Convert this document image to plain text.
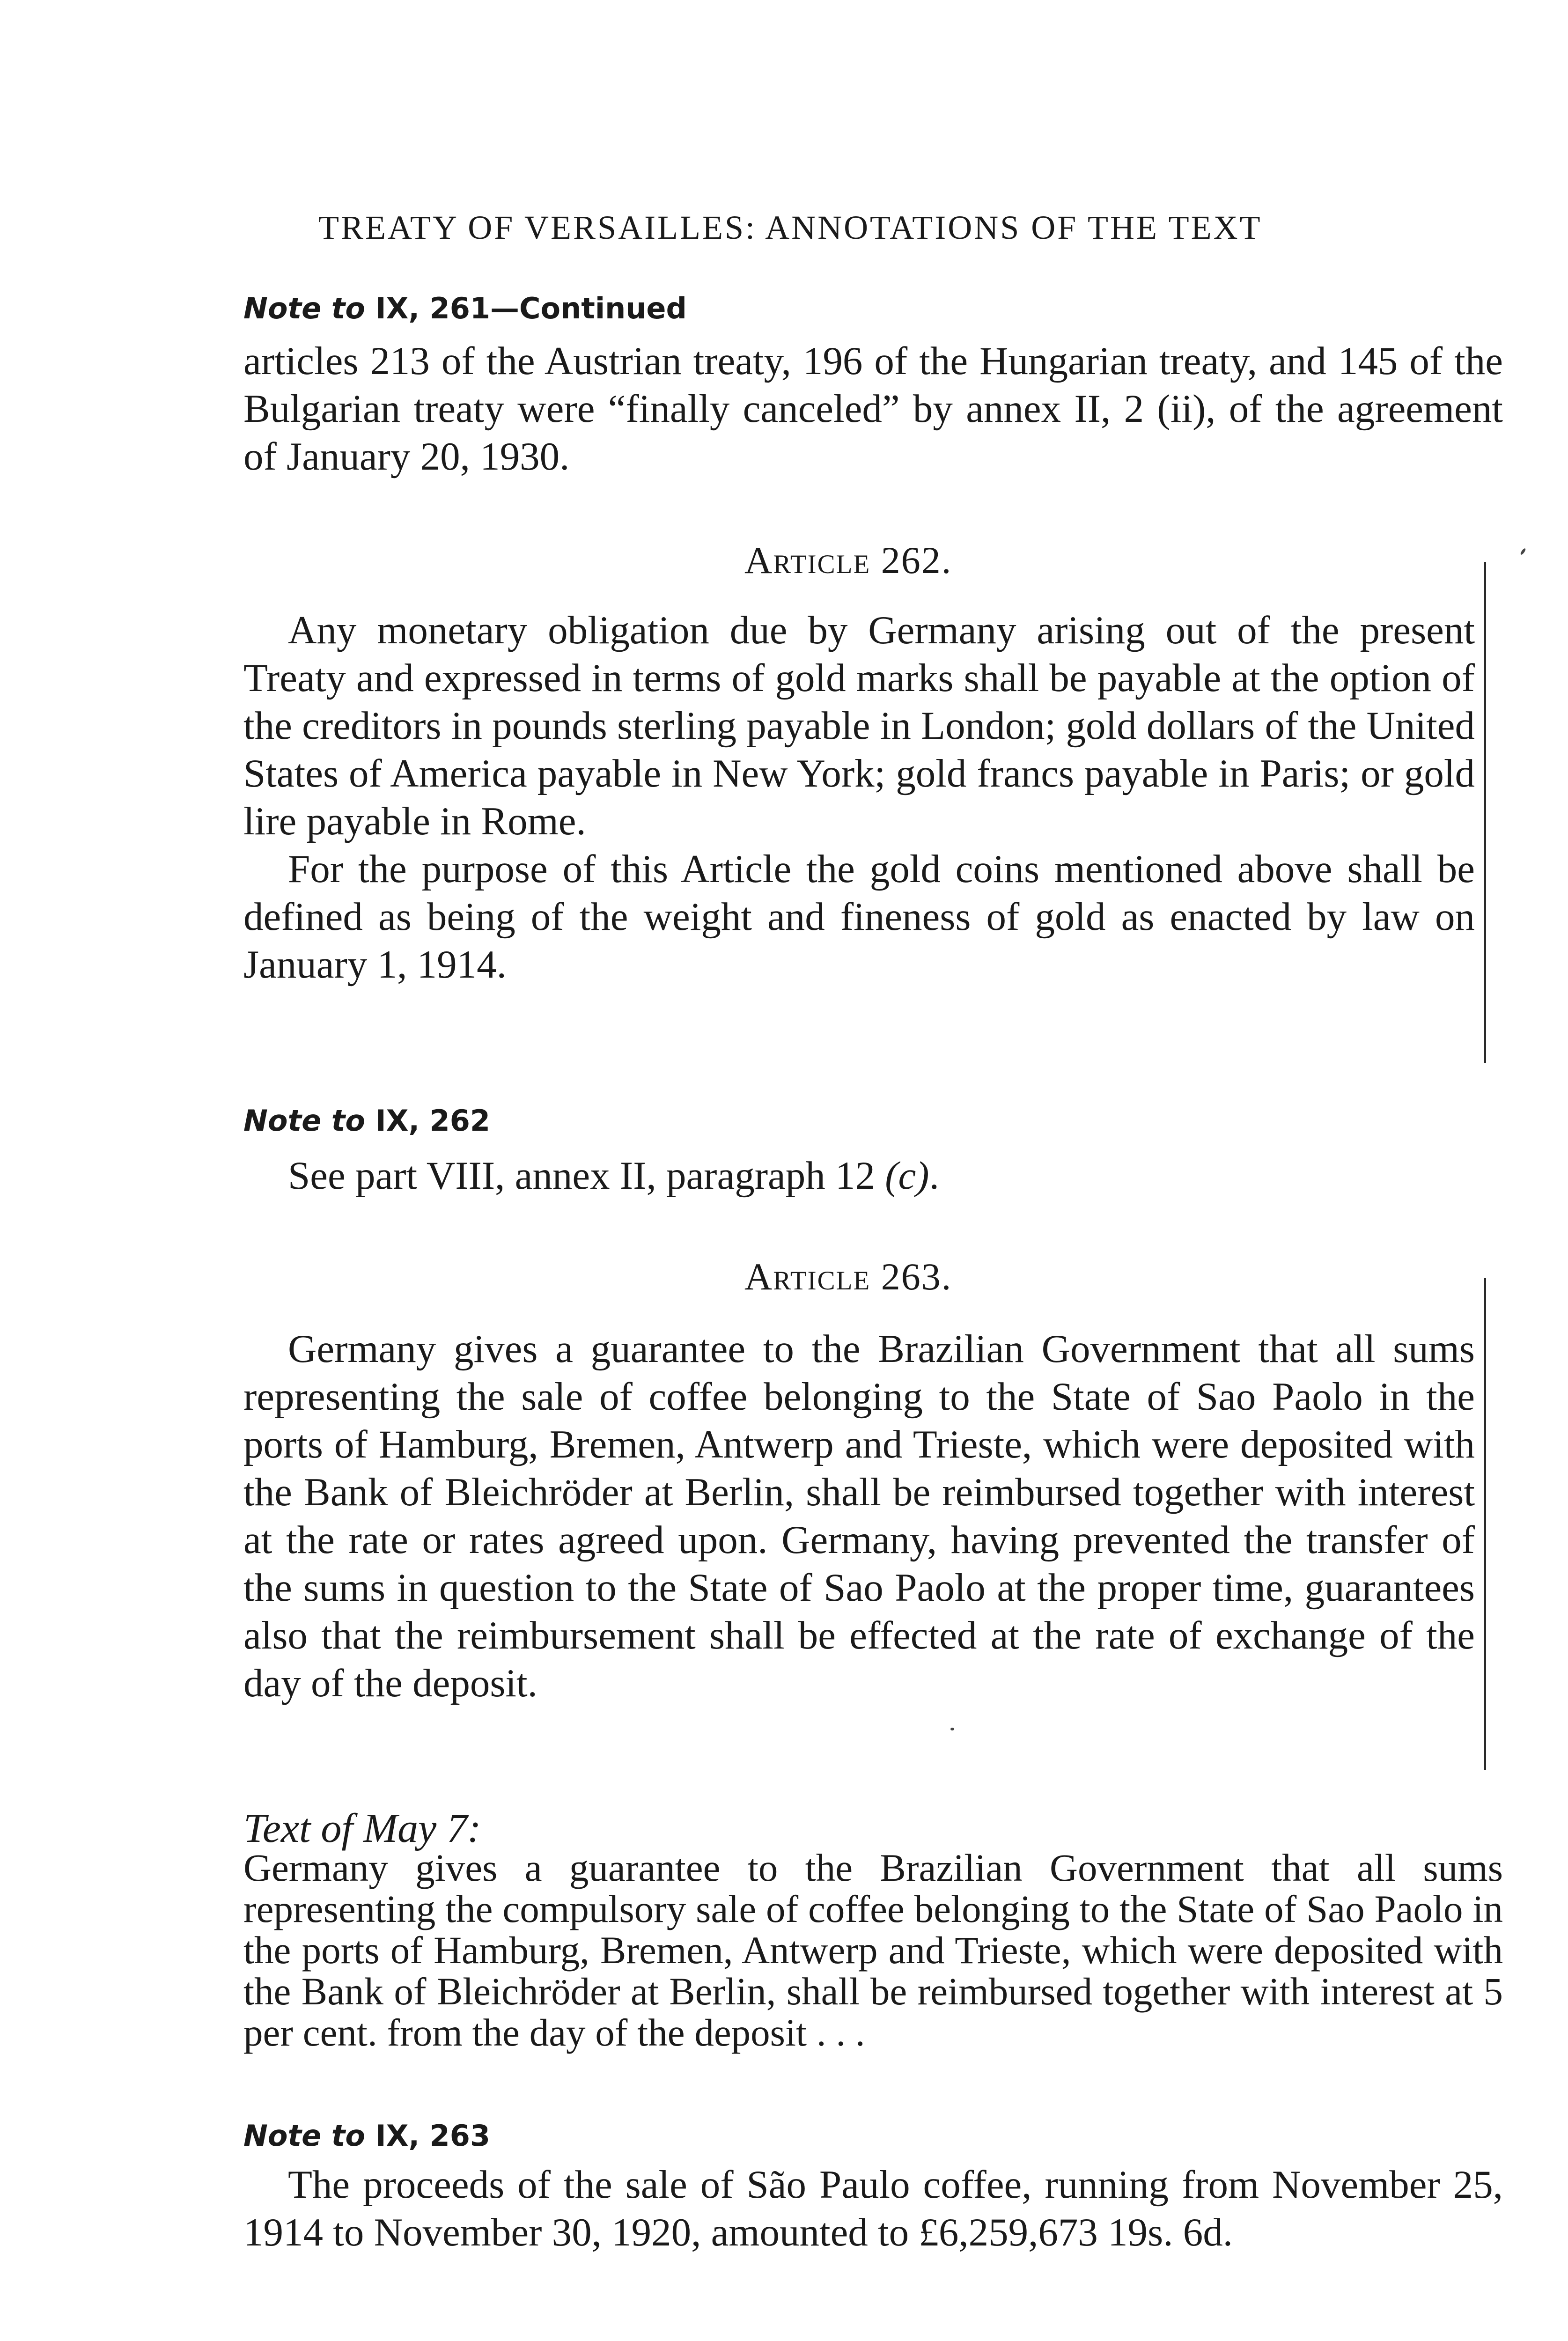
TREATY OF VERSAILLES: ANNOTATIONS OF THE TEXT
Note to IX, 261—Continued

articles 213 of the Austrian treaty, 196 of the Hungarian treaty, and 145 of the Bulgarian treaty were “finally canceled” by annex II, 2 (ii), of the agreement of January 20, 1930.

Article 262.

Any monetary obligation due by Germany arising out of the present Treaty and expressed in terms of gold marks shall be payable at the option of the creditors in pounds sterling payable in London; gold dollars of the United States of America payable in New York; gold francs payable in Paris; or gold lire payable in Rome.

For the purpose of this Article the gold coins mentioned above shall be defined as being of the weight and fineness of gold as enacted by law on January 1, 1914.

Note to IX, 262

See part VIII, annex II, paragraph 12 (c).

Article 263.

Germany gives a guarantee to the Brazilian Government that all sums representing the sale of coffee belonging to the State of Sao Paolo in the ports of Hamburg, Bremen, Antwerp and Trieste, which were deposited with the Bank of Bleichröder at Berlin, shall be reimbursed together with interest at the rate or rates agreed upon. Germany, having prevented the transfer of the sums in question to the State of Sao Paolo at the proper time, guarantees also that the reimbursement shall be effected at the rate of exchange of the day of the deposit.

Text of May 7:

Germany gives a guarantee to the Brazilian Government that all sums representing the compulsory sale of coffee belonging to the State of Sao Paolo in the ports of Hamburg, Bremen, Antwerp and Trieste, which were deposited with the Bank of Bleichröder at Berlin, shall be reimbursed together with interest at 5 per cent. from the day of the deposit . . .

Note to IX, 263

The proceeds of the sale of São Paulo coffee, running from November 25, 1914 to November 30, 1920, amounted to £6,259,673 19s. 6d.
